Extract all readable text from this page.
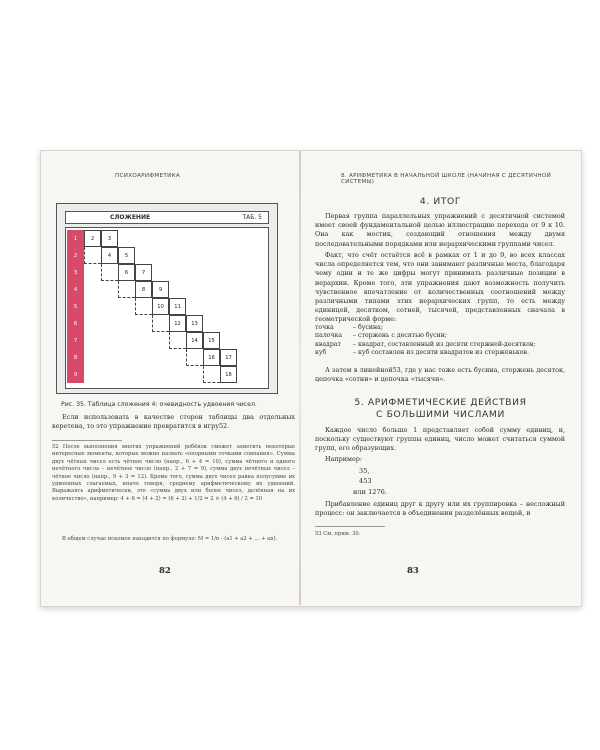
ПСИХОАРИФМЕТИКА
СЛОЖЕНИЕ	ТАБ. 5
1	2	3
2	4	5
3	6	7
4	8	9
5	10	11
6	12	13
7	14	15
8	16	17
9	18
Рис. 35. Таблица сложения 4: очевидность удвоения чисел.
Если использовать в качестве сторон таблицы два отдельных веретена, то это упражнение превратится в игру52.
52 После выполнения многих упражнений ребёнок сможет заметить некоторые интересные моменты, которые можно назвать «опорными точками совпания». Сумма двух чётных чисел есть чётное число (напр., 6 + 4 = 10), сумма чётного и одного нечётного числа – нечётное число (напр., 2 + 7 = 9), сумма двух нечётных чисел – чётное число (напр., 9 + 3 = 12). Кроме того, сумма двух чисел равна полусумме их удвоенных слагаемых, иначе говоря, среднему арифметическому их удвоений. Выражаясь арифметически, это «сумма двух или более чисел, делённая на их количество», например: 4 + 6 = (4 + 2) = (6 + 2) + 1/2 = 2 × (4 + 6) / 2 = 10
В общем случае искомое находится по формуле: M = 1/n · (a1 + a2 + … + an).
82
8. АРИФМЕТИКА В НАЧАЛЬНОЙ ШКОЛЕ (НАЧИНАЯ С ДЕСЯТИЧНОЙ СИСТЕМЫ)
4. ИТОГ
Первая группа параллельных упражнений с десятичной системой имеет своей фундаментальной целью иллюстрацию перехода от 9 к 10. Она как мостик, создающий отношения между двумя последовательными порядками или иерархическими группами чисел.
Факт, что счёт остаётся всё в рамках от 1 и до 9, во всех классах числа определяется тем, что они занимают различные места, благодаря чему одни и те же цифры могут принимать различные позиции в иерархии. Кроме того, эти упражнения дают возможность получить чувственное впечатление от количественных соотношений между различными типами этих иерархических групп, то есть между единицей, десятком, сотней, тысячей, представленных сначала в геометрической форме:
точка	– бусина;
палочка – стержень с десятью бусин;
квадрат – квадрат, составленный из десяти стержней-десятков;
куб	– куб составлен из десяти квадратов из стерженьков.
А затем в линейной53, где у нас тоже есть бусина, стержень десяток, цепочка «сотни» и цепочка «тысячи».
5. АРИФМЕТИЧЕСКИЕ ДЕЙСТВИЯ
С БОЛЬШИМИ ЧИСЛАМИ
Каждое число больше 1 представляет собой сумму единиц, и, поскольку существуют группы единиц, число может считаться суммой групп, его образующих.
Например:
35,
453
или 1276.
Прибавление единиц друг к другу или их группировка – несложный процесс: он заключается в объединении разделённых вещей, и
53 См. прим. 30.
83
